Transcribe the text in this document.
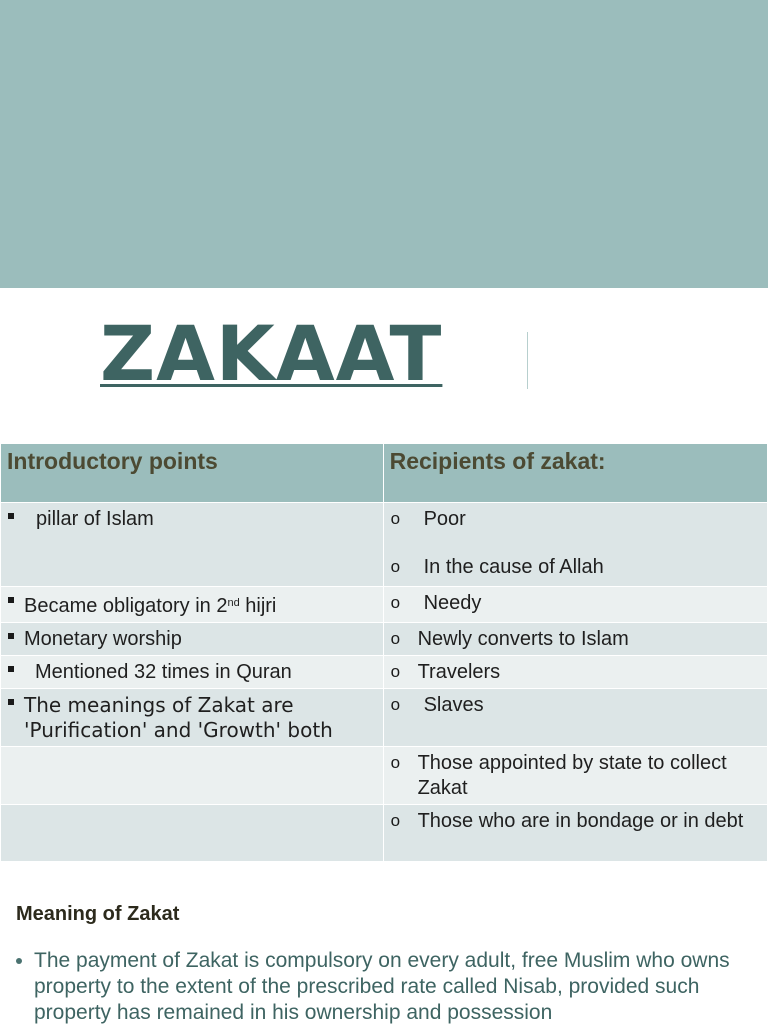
ZAKAAT
Introductory points	Recipients of zakat:

pillar of Islam	o Poor
o In the cause of Allah

Became obligatory in 2nd hijri	o Needy

Monetary worship	o Newly converts to Islam

Mentioned 32 times in Quran	o Travelers

The meanings of Zakat are 'Purification' and 'Growth' both	o Slaves

	o Those appointed by state to collect Zakat

	o Those who are in bondage or in debt
Meaning of Zakat
The payment of Zakat is compulsory on every adult, free Muslim who owns property to the extent of the prescribed rate called Nisab, provided such property has remained in his ownership and possession
